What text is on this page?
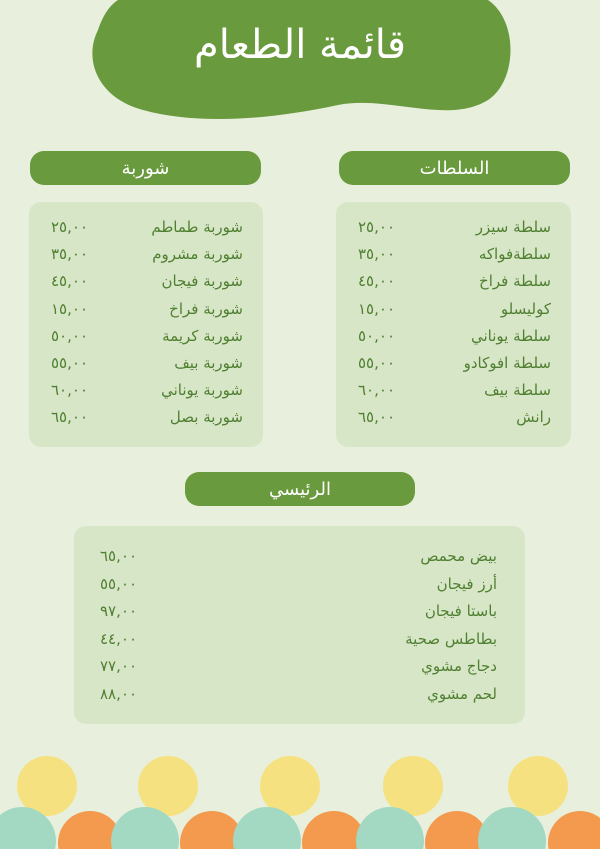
قائمة الطعام
السلطات
شوربة
الرئيسي
سلطة سيزر
٢٥,٠٠
سلطةفواكه
٣٥,٠٠
سلطة فراخ
٤٥,٠٠
كوليسلو
١٥,٠٠
سلطة يوناني
٥٠,٠٠
سلطة افوكادو
٥٥,٠٠
سلطة بيف
٦٠,٠٠
رانش
٦٥,٠٠
شوربة طماطم
٢٥,٠٠
شوربة مشروم
٣٥,٠٠
شوربة فيجان
٤٥,٠٠
شوربة فراخ
١٥,٠٠
شوربة كريمة
٥٠,٠٠
شوربة بيف
٥٥,٠٠
شوربة يوناني
٦٠,٠٠
شوربة بصل
٦٥,٠٠
بيض محمص
٦٥,٠٠
أرز فيجان
٥٥,٠٠
باستا فيجان
٩٧,٠٠
بطاطس صحية
٤٤,٠٠
دجاج مشوي
٧٧,٠٠
لحم مشوي
٨٨,٠٠
